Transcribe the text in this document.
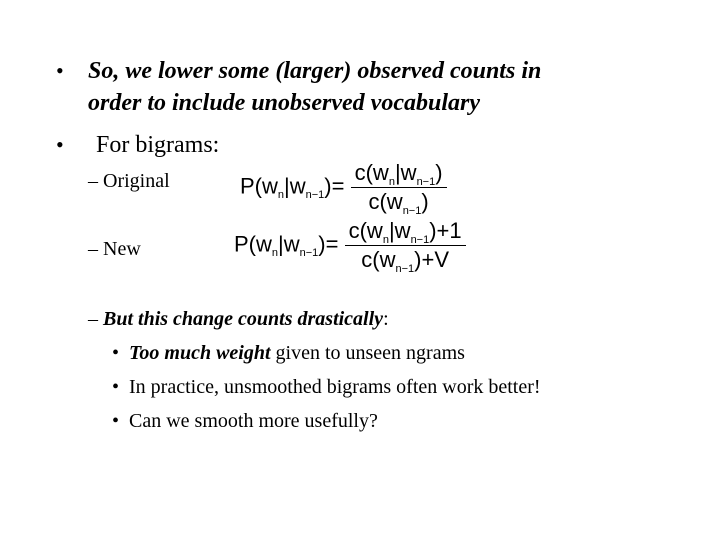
• So, we lower some (larger) observed counts in
order to include unobserved vocabulary
• For bigrams:
– Original	$P(w_n|w_{n-1})= \frac{c(w_n|w_{n-1})}{c(w_{n-1})}$
– New	$P(w_n|w_{n-1})= \frac{c(w_n|w_{n-1})+1}{c(w_{n-1})+V}$
– But this change counts drastically:
• Too much weight given to unseen ngrams
• In practice, unsmoothed bigrams often work better!
• Can we smooth more usefully?
